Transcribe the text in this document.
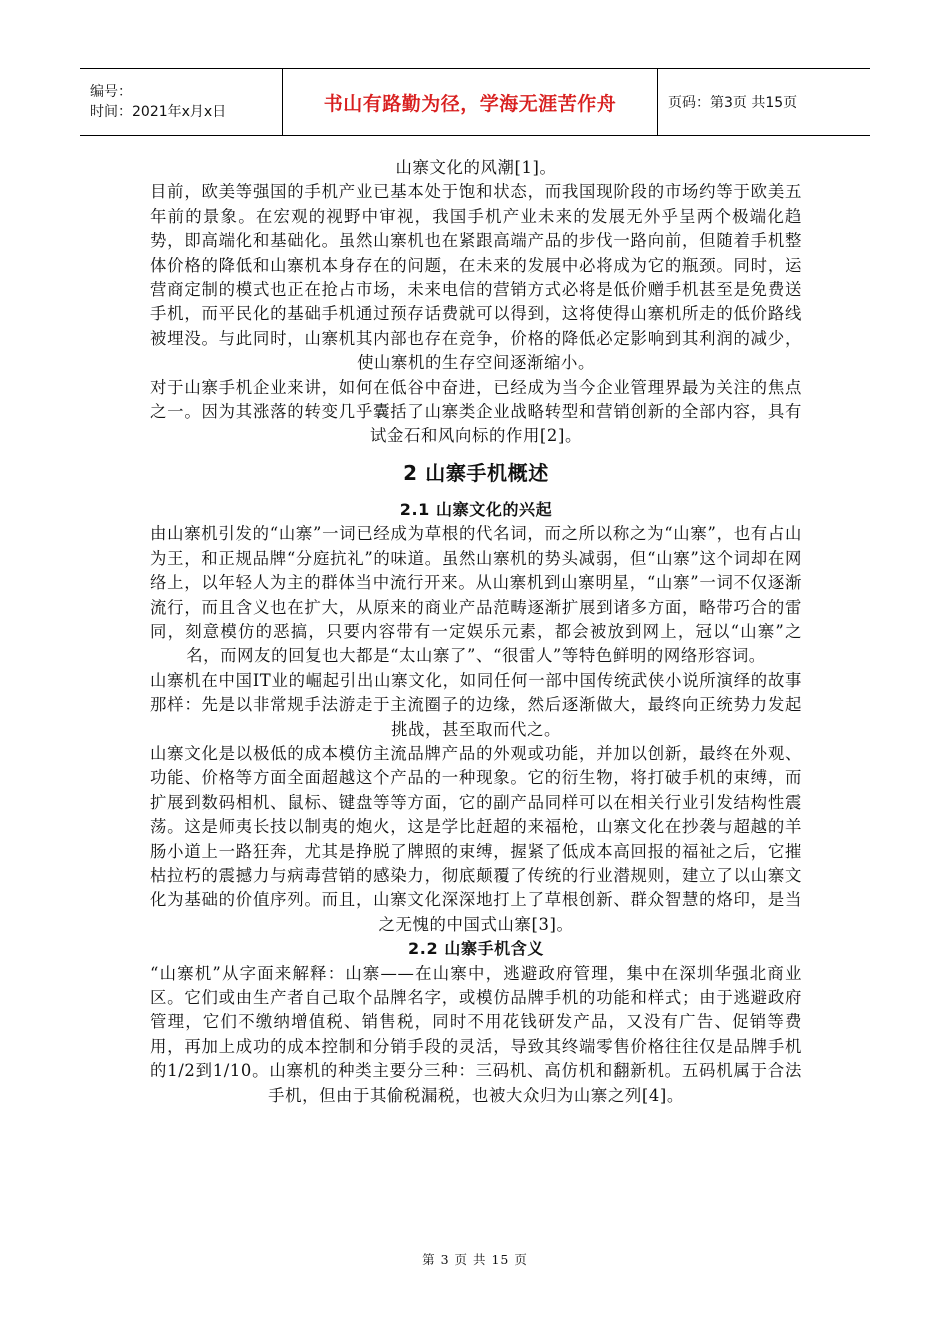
编号：
时间：2021年x月x日	书山有路勤为径，学海无涯苦作舟	页码：第3页 共15页

山寨文化的风潮[1]。

目前，欧美等强国的手机产业已基本处于饱和状态，而我国现阶段的市场约等于欧美五年前的景象。在宏观的视野中审视，我国手机产业未来的发展无外乎呈两个极端化趋势，即高端化和基础化。虽然山寨机也在紧跟高端产品的步伐一路向前，但随着手机整体价格的降低和山寨机本身存在的问题，在未来的发展中必将成为它的瓶颈。同时，运营商定制的模式也正在抢占市场，未来电信的营销方式必将是低价赠手机甚至是免费送手机，而平民化的基础手机通过预存话费就可以得到，这将使得山寨机所走的低价路线被埋没。与此同时，山寨机其内部也存在竞争，价格的降低必定影响到其利润的减少，使山寨机的生存空间逐渐缩小。

对于山寨手机企业来讲，如何在低谷中奋进，已经成为当今企业管理界最为关注的焦点之一。因为其涨落的转变几乎囊括了山寨类企业战略转型和营销创新的全部内容，具有试金石和风向标的作用[2]。

2 山寨手机概述
2.1 山寨文化的兴起

由山寨机引发的“山寨”一词已经成为草根的代名词，而之所以称之为“山寨”，也有占山为王，和正规品牌“分庭抗礼”的味道。虽然山寨机的势头减弱，但“山寨”这个词却在网络上，以年轻人为主的群体当中流行开来。从山寨机到山寨明星，“山寨”一词不仅逐渐流行，而且含义也在扩大，从原来的商业产品范畴逐渐扩展到诸多方面，略带巧合的雷同，刻意模仿的恶搞，只要内容带有一定娱乐元素，都会被放到网上，冠以“山寨”之名，而网友的回复也大都是“太山寨了”、“很雷人”等特色鲜明的网络形容词。

山寨机在中国IT业的崛起引出山寨文化，如同任何一部中国传统武侠小说所演绎的故事那样：先是以非常规手法游走于主流圈子的边缘，然后逐渐做大，最终向正统势力发起挑战，甚至取而代之。

山寨文化是以极低的成本模仿主流品牌产品的外观或功能，并加以创新，最终在外观、功能、价格等方面全面超越这个产品的一种现象。它的衍生物，将打破手机的束缚，而扩展到数码相机、鼠标、键盘等等方面，它的副产品同样可以在相关行业引发结构性震荡。这是师夷长技以制夷的炮火，这是学比赶超的来福枪，山寨文化在抄袭与超越的羊肠小道上一路狂奔，尤其是挣脱了牌照的束缚，握紧了低成本高回报的福祉之后，它摧枯拉朽的震撼力与病毒营销的感染力，彻底颠覆了传统的行业潜规则，建立了以山寨文化为基础的价值序列。而且，山寨文化深深地打上了草根创新、群众智慧的烙印，是当之无愧的中国式山寨[3]。

2.2 山寨手机含义

“山寨机”从字面来解释：山寨——在山寨中，逃避政府管理，集中在深圳华强北商业区。它们或由生产者自己取个品牌名字，或模仿品牌手机的功能和样式；由于逃避政府管理，它们不缴纳增值税、销售税，同时不用花钱研发产品，又没有广告、促销等费用，再加上成功的成本控制和分销手段的灵活，导致其终端零售价格往往仅是品牌手机的1/2到1/10。山寨机的种类主要分三种：三码机、高仿机和翻新机。五码机属于合法手机，但由于其偷税漏税，也被大众归为山寨之列[4]。

第 3 页 共 15 页
